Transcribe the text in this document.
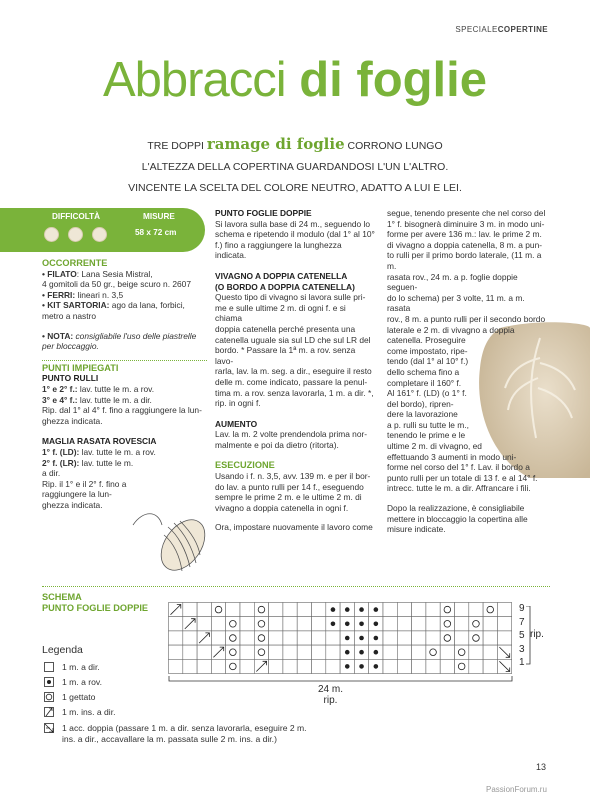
SPECIALECOPERTINE
Abbracci di foglie
TRE DOPPI ramage di foglie CORRONO LUNGO
L'ALTEZZA DELLA COPERTINA GUARDANDOSI L'UN L'ALTRO.
VINCENTE LA SCELTA DEL COLORE NEUTRO, ADATTO A LUI E LEI.
DIFFICOLTÀ	MISURE
58 x 72 cm

OCCORRENTE

• FILATO: Lana Sesia Mistral,

4 gomitoli da 50 gr., beige scuro n. 2607

• FERRI: lineari n. 3,5

• KIT SARTORIA: ago da lana, forbici,

metro a nastro

• NOTA: consigliabile l'uso delle piastrelle

per bloccaggio.

PUNTI IMPIEGATI

PUNTO RULLI

1° e 2° f.: lav. tutte le m. a rov.

3° e 4° f.: lav. tutte le m. a dir.

Rip. dal 1° al 4° f. fino a raggiungere la lun-

ghezza indicata.

MAGLIA RASATA ROVESCIA

1° f. (LD): lav. tutte le m. a rov.

2° f. (LR): lav. tutte le m.

a dir.

Rip. il 1° e il 2° f. fino a

raggiungere la lun-

ghezza indicata.

PUNTO FOGLIE DOPPIE

Si lavora sulla base di 24 m., seguendo lo

schema e ripetendo il modulo (dal 1° al 10°

f.) fino a raggiungere la lunghezza indicata.

VIVAGNO A DOPPIA CATENELLA

(O BORDO A DOPPIA CATENELLA)

Questo tipo di vivagno si lavora sulle pri-

me e sulle ultime 2 m. di ogni f. e si chiama

doppia catenella perché presenta una

catenella uguale sia sul LD che sul LR del

bordo. * Passare la 1ª m. a rov. senza lavo-

rarla, lav. la m. seg. a dir., eseguire il resto

delle m. come indicato, passare la penul-

tima m. a rov. senza lavorarla, 1 m. a dir. *,

rip. in ogni f.

AUMENTO

Lav. la m. 2 volte prendendola prima nor-

malmente e poi da dietro (ritorta).

ESECUZIONE

Usando i f. n. 3,5, avv. 139 m. e per il bor-

do lav. a punto rulli per 14 f., eseguendo

sempre le prime 2 m. e le ultime 2 m. di

vivagno a doppia catenella in ogni f.

Ora, impostare nuovamente il lavoro come

segue, tenendo presente che nel corso del

1° f. bisognerà diminuire 3 m. in modo uni-

forme per avere 136 m.: lav. le prime 2 m.

di vivagno a doppia catenella, 8 m. a pun-

to rulli per il primo bordo laterale, (11 m. a m.

rasata rov., 24 m. a p. foglie doppie seguen-

do lo schema) per 3 volte, 11 m. a m. rasata

rov., 8 m. a punto rulli per il secondo bordo

laterale e 2 m. di vivagno a doppia catenella. Proseguire

come impostato, ripe-

tendo (dal 1° al 10° f.)

dello schema fino a

completare il 160° f.

Al 161° f. (LD) (o 1° f.

del bordo), ripren-

dere la lavorazione

a p. rulli su tutte le m.,

tenendo le prime e le

ultime 2 m. di vivagno, ed

effettuando 3 aumenti in modo uni-

forme nel corso del 1° f. Lav. il bordo a

punto rulli per un totale di 13 f. e al 14° f.

intrecc. tutte le m. a dir. Affrancare i fili.

Dopo la realizzazione, è consigliabile

mettere in bloccaggio la copertina alle

misure indicate.

SCHEMA
PUNTO FOGLIE DOPPIE	9
7
5
3
1
rip.
24 m.
rip.
Legenda
1 m. a dir.
1 m. a rov.
1 gettato
1 m. ins. a dir.
1 acc. doppia (passare 1 m. a dir. senza lavorarla, eseguire 2 m.
ins. a dir., accavallare la m. passata sulle 2 m. ins. a dir.)
13
PassionForum.ru
